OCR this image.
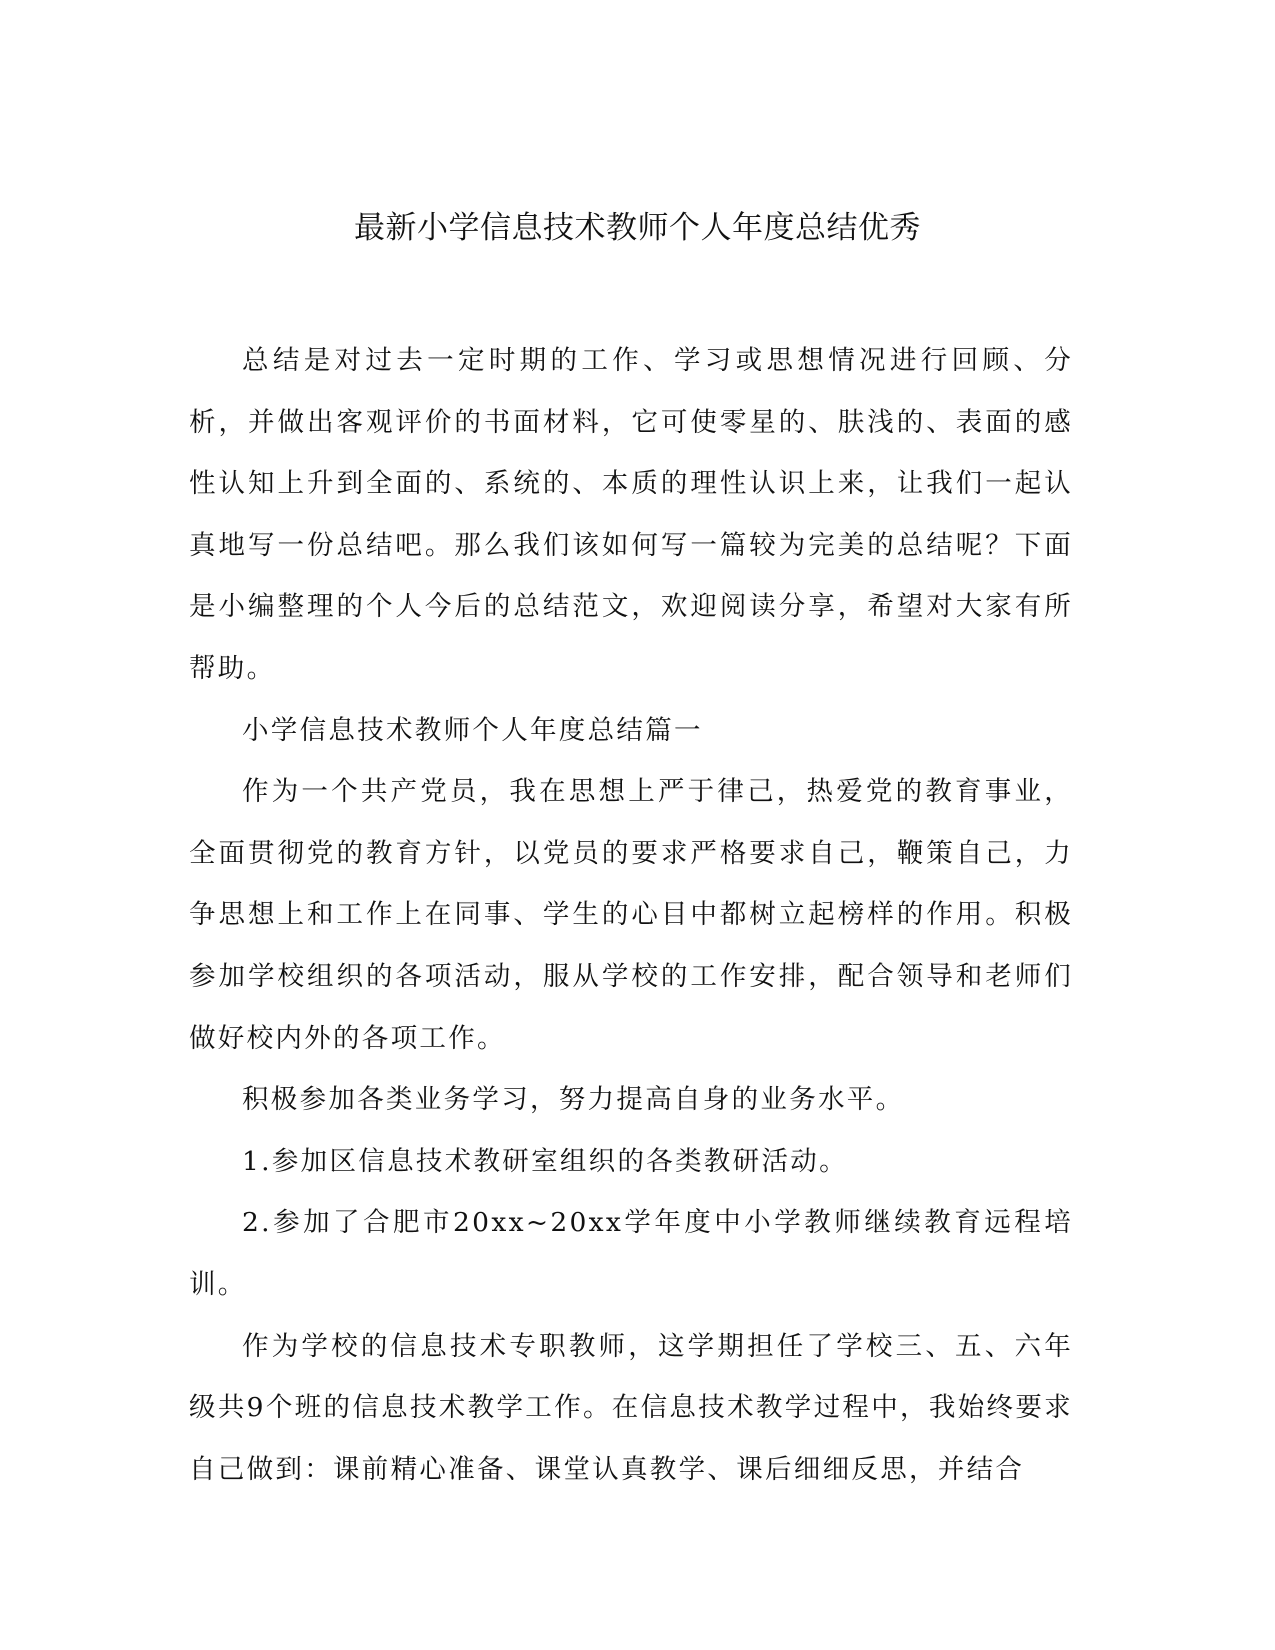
最新小学信息技术教师个人年度总结优秀

总结是对过去一定时期的工作、学习或思想情况进行回顾、分析，并做出客观评价的书面材料，它可使零星的、肤浅的、表面的感性认知上升到全面的、系统的、本质的理性认识上来，让我们一起认真地写一份总结吧。那么我们该如何写一篇较为完美的总结呢？下面是小编整理的个人今后的总结范文，欢迎阅读分享，希望对大家有所帮助。

小学信息技术教师个人年度总结篇一

作为一个共产党员，我在思想上严于律己，热爱党的教育事业，全面贯彻党的教育方针，以党员的要求严格要求自己，鞭策自己，力争思想上和工作上在同事、学生的心目中都树立起榜样的作用。积极参加学校组织的各项活动，服从学校的工作安排，配合领导和老师们做好校内外的各项工作。

积极参加各类业务学习，努力提高自身的业务水平。

1.参加区信息技术教研室组织的各类教研活动。

2.参加了合肥市20xx~20xx学年度中小学教师继续教育远程培训。

作为学校的信息技术专职教师，这学期担任了学校三、五、六年级共9个班的信息技术教学工作。在信息技术教学过程中，我始终要求自己做到：课前精心准备、课堂认真教学、课后细细反思，并结合
